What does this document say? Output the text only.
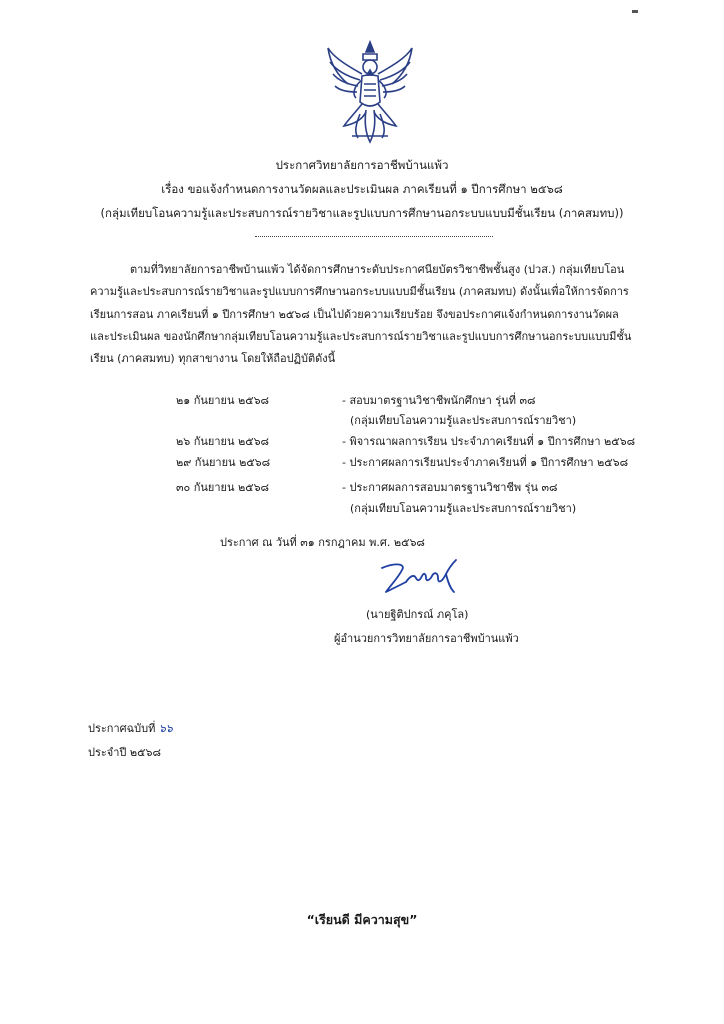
ประกาศวิทยาลัยการอาชีพบ้านแพ้ว
เรื่อง ขอแจ้งกำหนดการงานวัดผลและประเมินผล ภาคเรียนที่ ๑ ปีการศึกษา ๒๕๖๘
(กลุ่มเทียบโอนความรู้และประสบการณ์รายวิชาและรูปแบบการศึกษานอกระบบแบบมีชั้นเรียน (ภาคสมทบ))
ตามที่วิทยาลัยการอาชีพบ้านแพ้ว ได้จัดการศึกษาระดับประกาศนียบัตรวิชาชีพชั้นสูง (ปวส.) กลุ่มเทียบโอน
ความรู้และประสบการณ์รายวิชาและรูปแบบการศึกษานอกระบบแบบมีชั้นเรียน (ภาคสมทบ) ดังนั้นเพื่อให้การจัดการ
เรียนการสอน ภาคเรียนที่ ๑ ปีการศึกษา ๒๕๖๘ เป็นไปด้วยความเรียบร้อย จึงขอประกาศแจ้งกำหนดการงานวัดผล
และประเมินผล ของนักศึกษากลุ่มเทียบโอนความรู้และประสบการณ์รายวิชาและรูปแบบการศึกษานอกระบบแบบมีชั้น
เรียน (ภาคสมทบ) ทุกสาขางาน โดยให้ถือปฏิบัติดังนี้
๒๑ กันยายน ๒๕๖๘	- สอบมาตรฐานวิชาชีพนักศึกษา รุ่นที่ ๓๘
(กลุ่มเทียบโอนความรู้และประสบการณ์รายวิชา)
๒๖ กันยายน ๒๕๖๘	- พิจารณาผลการเรียน ประจำภาคเรียนที่ ๑ ปีการศึกษา ๒๕๖๘
๒๙ กันยายน ๒๕๖๘	- ประกาศผลการเรียนประจำภาคเรียนที่ ๑ ปีการศึกษา ๒๕๖๘
๓๐ กันยายน ๒๕๖๘	- ประกาศผลการสอบมาตรฐานวิชาชีพ รุ่น ๓๘
(กลุ่มเทียบโอนความรู้และประสบการณ์รายวิชา)
ประกาศ ณ วันที่ ๓๑ กรกฎาคม พ.ศ. ๒๕๖๘
(นายฐิติปกรณ์ ภคุโล)
ผู้อำนวยการวิทยาลัยการอาชีพบ้านแพ้ว
ประกาศฉบับที่ ๖๖
ประจำปี ๒๕๖๘
“เรียนดี มีความสุข”
